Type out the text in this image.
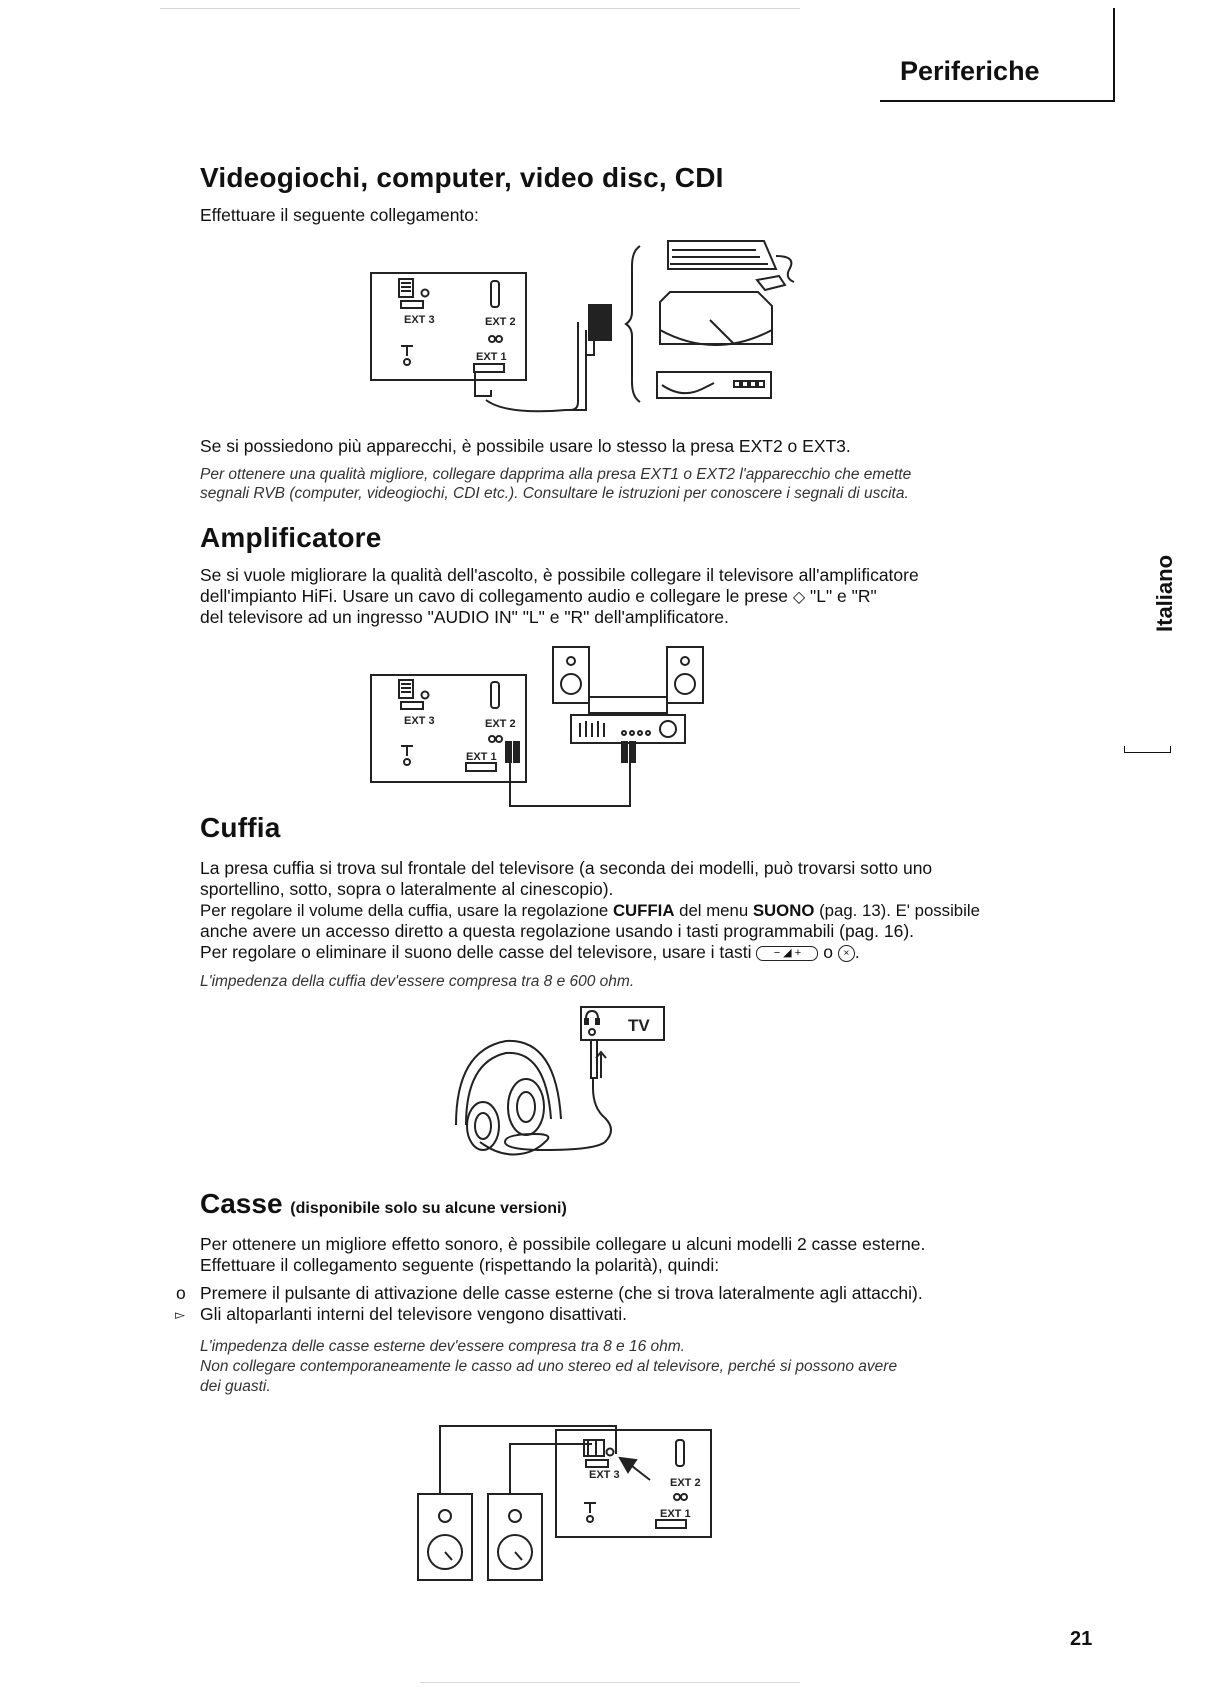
Periferiche
Italiano
Videogiochi, computer, video disc, CDI
Effettuare il seguente collegamento:
EXT 3	EXT 2
EXT 1
Se si possiedono più apparecchi, è possibile usare lo stesso la presa EXT2 o EXT3.
Per ottenere una qualità migliore, collegare dapprima alla presa EXT1 o EXT2 l'apparecchio che emette
segnali RVB (computer, videogiochi, CDI etc.). Consultare le istruzioni per conoscere i segnali di uscita.
Amplificatore
Se si vuole migliorare la qualità dell'ascolto, è possibile collegare il televisore all'amplificatore
dell'impianto HiFi. Usare un cavo di collegamento audio e collegare le prese ◇ "L" e "R"
del televisore ad un ingresso "AUDIO IN" "L" e "R" dell'amplificatore.
EXT 3	EXT 2
EXT 1
Cuffia
La presa cuffia si trova sul frontale del televisore (a seconda dei modelli, può trovarsi sotto uno
sportellino, sotto, sopra o lateralmente al cinescopio).
Per regolare il volume della cuffia, usare la regolazione CUFFIA del menu SUONO (pag. 13). E' possibile
anche avere un accesso diretto a questa regolazione usando i tasti programmabili (pag. 16).
Per regolare o eliminare il suono delle casse del televisore, usare i tasti − ◢ + o × .
L'impedenza della cuffia dev'essere compresa tra 8 e 600 ohm.
TV
Casse (disponibile solo su alcune versioni)
Per ottenere un migliore effetto sonoro, è possibile collegare u alcuni modelli 2 casse esterne.
Effettuare il collegamento seguente (rispettando la polarità), quindi:
o Premere il pulsante di attivazione delle casse esterne (che si trova lateralmente agli attacchi).
▻ Gli altoparlanti interni del televisore vengono disattivati.
L'impedenza delle casse esterne dev'essere compresa tra 8 e 16 ohm.
Non collegare contemporaneamente le casso ad uno stereo ed al televisore, perché si possono avere
dei guasti.
EXT 3
EXT 2
EXT 1
21
